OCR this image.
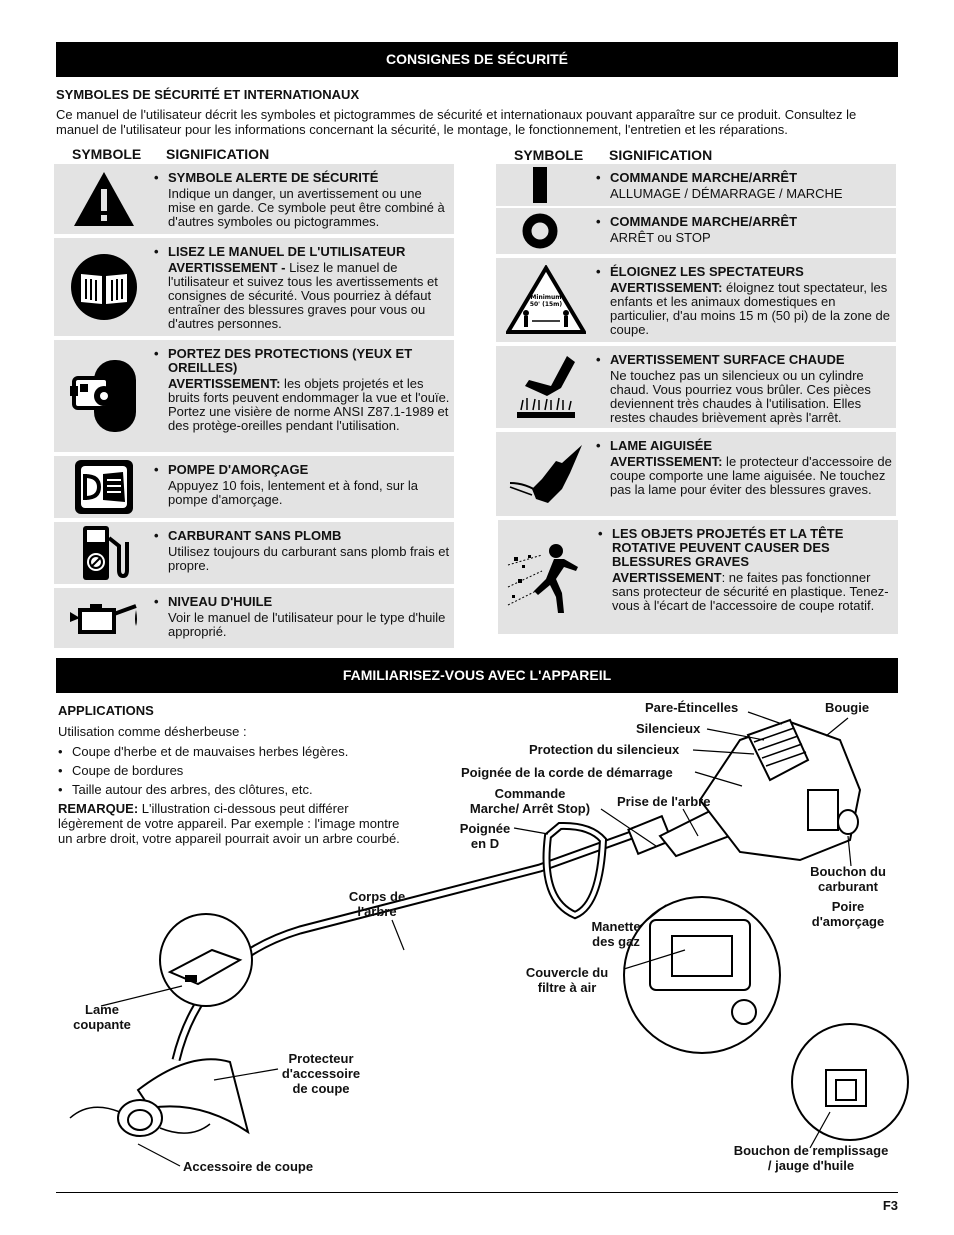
CONSIGNES DE SÉCURITÉ
SYMBOLES DE SÉCURITÉ ET INTERNATIONAUX
Ce manuel de l'utilisateur décrit les symboles et pictogrammes de sécurité et internationaux pouvant apparaître sur ce produit. Consultez le manuel de l'utilisateur pour les informations concernant la sécurité, le montage, le fonctionnement, l'entretien et les réparations.
SYMBOLE SIGNIFICATION	SYMBOLE SIGNIFICATION
• SYMBOLE ALERTE DE SÉCURITÉ
Indique un danger, un avertissement ou une mise en garde. Ce symbole peut être combiné à d'autres symboles ou pictogrammes.
• LISEZ LE MANUEL DE L'UTILISATEUR
AVERTISSEMENT - Lisez le manuel de l'utilisateur et suivez tous les avertissements et consignes de sécurité. Vous pourriez à défaut entraîner des blessures graves pour vous ou d'autres personnes.
• PORTEZ DES PROTECTIONS (YEUX ET OREILLES)
AVERTISSEMENT: les objets projetés et les bruits forts peuvent endommager la vue et l'ouïe. Portez une visière de norme ANSI Z87.1-1989 et des protège-oreilles pendant l'utilisation.
• POMPE D'AMORÇAGE
Appuyez 10 fois, lentement et à fond, sur la pompe d'amorçage.
• CARBURANT SANS PLOMB
Utilisez toujours du carburant sans plomb frais et propre.
• NIVEAU D'HUILE
Voir le manuel de l'utilisateur pour le type d'huile approprié.
• COMMANDE MARCHE/ARRÊT
ALLUMAGE / DÉMARRAGE / MARCHE
• COMMANDE MARCHE/ARRÊT
ARRÊT ou STOP
Minimum
50' (15m)
• ÉLOIGNEZ LES SPECTATEURS
AVERTISSEMENT: éloignez tout spectateur, les enfants et les animaux domestiques en particulier, d'au moins 15 m (50 pi) de la zone de coupe.
• AVERTISSEMENT SURFACE CHAUDE
Ne touchez pas un silencieux ou un cylindre chaud. Vous pourriez vous brûler. Ces pièces deviennent très chaudes à l'utilisation. Elles restes chaudes brièvement après l'arrêt.
• LAME AIGUISÉE
AVERTISSEMENT: le protecteur d'accessoire de coupe comporte une lame aiguisée. Ne touchez pas la lame pour éviter des blessures graves.
• LES OBJETS PROJETÉS ET LA TÊTE ROTATIVE PEUVENT CAUSER DES BLESSURES GRAVES
AVERTISSEMENT: ne faites pas fonctionner sans protecteur de sécurité en plastique. Tenez-vous à l'écart de l'accessoire de coupe rotatif.
FAMILIARISEZ-VOUS AVEC L'APPAREIL
APPLICATIONS
Utilisation comme désherbeuse :
• Coupe d'herbe et de mauvaises herbes légères.
• Coupe de bordures
• Taille autour des arbres, des clôtures, etc.
REMARQUE: L'illustration ci-dessous peut différer légèrement de votre appareil. Par exemple : l'image montre un arbre droit, votre appareil pourrait avoir un arbre courbé.
Pare-Étincelles	Bougie
Silencieux
Protection du silencieux
Poignée de la corde de démarrage
Commande
Marche/ Arrêt Stop)	Prise de l'arbre
Poignée
en D
Bouchon du
carburant
Poire
d'amorçage
Corps de
l'arbre
Manette
des gaz
Couvercle du
filtre à air
Lame
coupante
Protecteur
d'accessoire
de coupe
Bouchon de remplissage
/ jauge d'huile
Accessoire de coupe
F3
